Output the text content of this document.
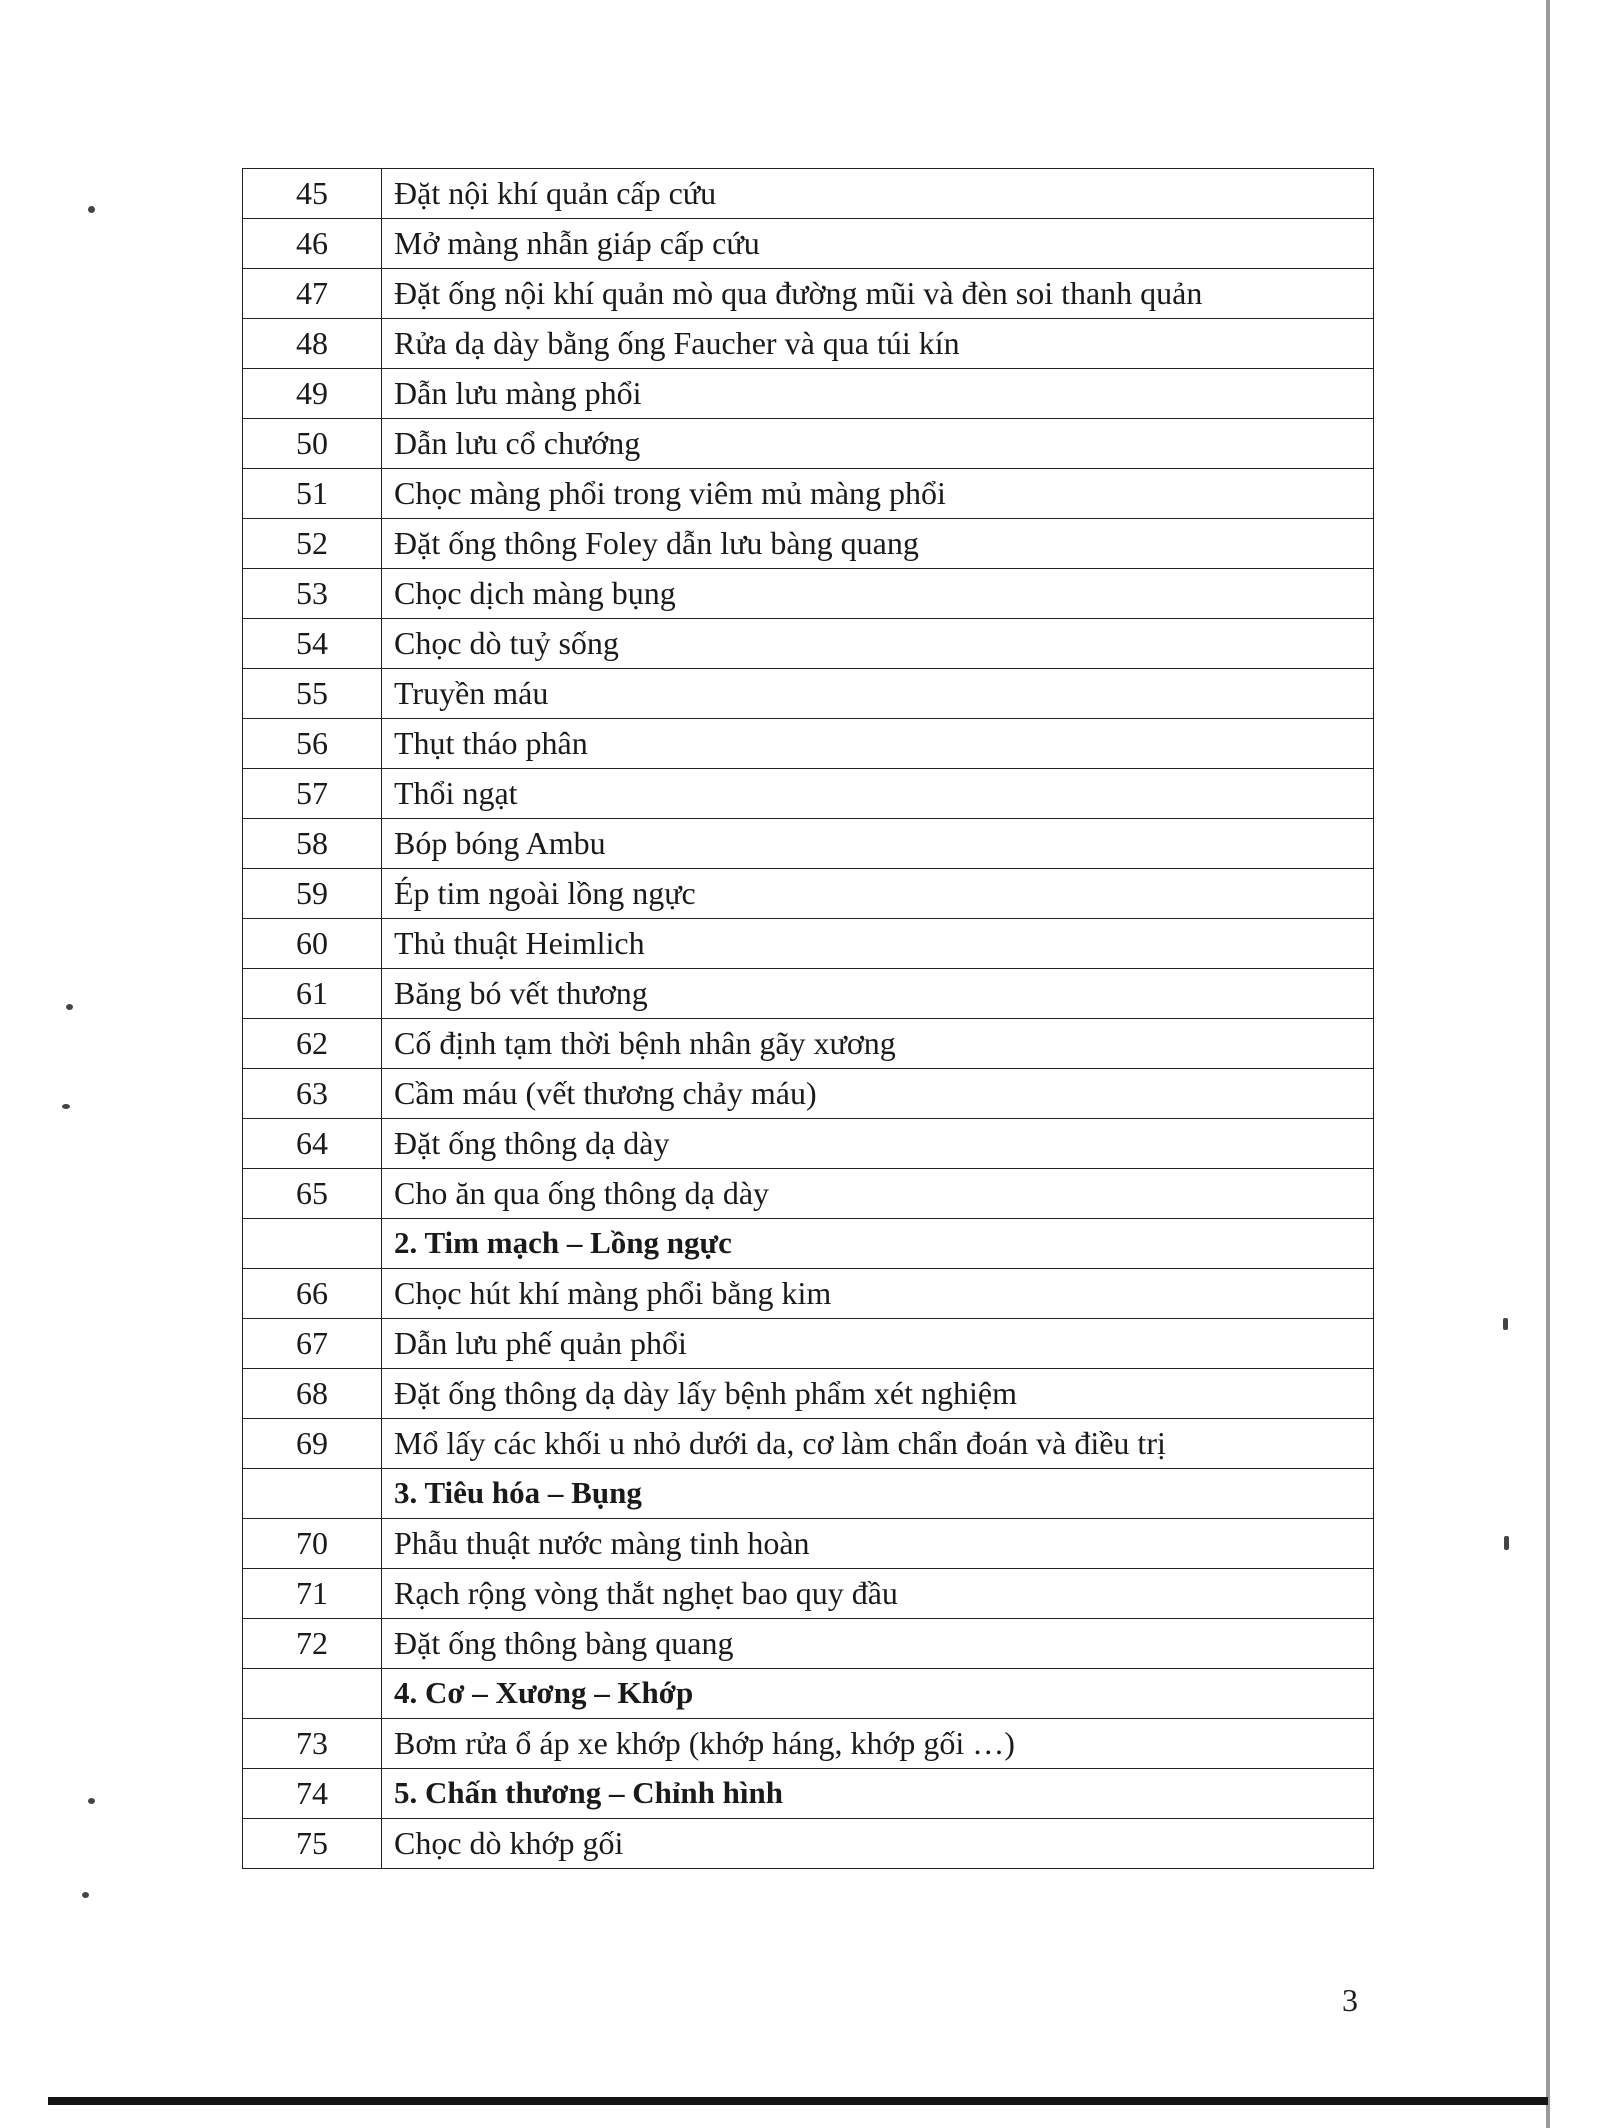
45	Đặt nội khí quản cấp cứu
46	Mở màng nhẫn giáp cấp cứu
47	Đặt ống nội khí quản mò qua đường mũi và đèn soi thanh quản
48	Rửa dạ dày bằng ống Faucher và qua túi kín
49	Dẫn lưu màng phổi
50	Dẫn lưu cổ chướng
51	Chọc màng phổi trong viêm mủ màng phổi
52	Đặt ống thông Foley dẫn lưu bàng quang
53	Chọc dịch màng bụng
54	Chọc dò tuỷ sống
55	Truyền máu
56	Thụt tháo phân
57	Thổi ngạt
58	Bóp bóng Ambu
59	Ép tim ngoài lồng ngực
60	Thủ thuật Heimlich
61	Băng bó vết thương
62	Cố định tạm thời bệnh nhân gãy xương
63	Cầm máu (vết thương chảy máu)
64	Đặt ống thông dạ dày
65	Cho ăn qua ống thông dạ dày
	2. Tim mạch – Lồng ngực
66	Chọc hút khí màng phổi bằng kim
67	Dẫn lưu phế quản phổi
68	Đặt ống thông dạ dày lấy bệnh phẩm xét nghiệm
69	Mổ lấy các khối u nhỏ dưới da, cơ làm chẩn đoán và điều trị
	3. Tiêu hóa – Bụng
70	Phẫu thuật nước màng tinh hoàn
71	Rạch rộng vòng thắt nghẹt bao quy đầu
72	Đặt ống thông bàng quang
	4. Cơ – Xương – Khớp
73	Bơm rửa ổ áp xe khớp (khớp háng, khớp gối …)
74	5. Chấn thương – Chỉnh hình
75	Chọc dò khớp gối
3
